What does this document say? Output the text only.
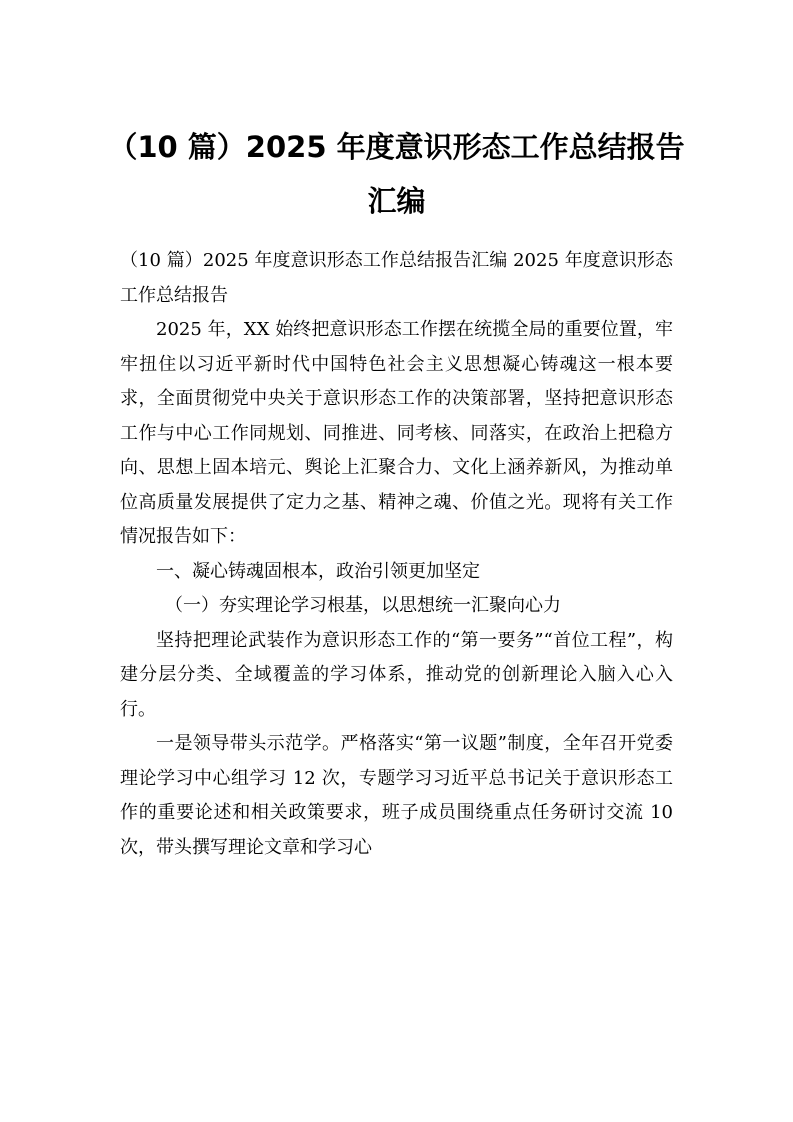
（10 篇）2025 年度意识形态工作总结报告汇编

（10 篇）2025 年度意识形态工作总结报告汇编 2025 年度意识形态工作总结报告

2025 年，XX 始终把意识形态工作摆在统揽全局的重要位置，牢牢扭住以习近平新时代中国特色社会主义思想凝心铸魂这一根本要求，全面贯彻党中央关于意识形态工作的决策部署，坚持把意识形态工作与中心工作同规划、同推进、同考核、同落实，在政治上把稳方向、思想上固本培元、舆论上汇聚合力、文化上涵养新风，为推动单位高质量发展提供了定力之基、精神之魂、价值之光。现将有关工作情况报告如下：

一、凝心铸魂固根本，政治引领更加坚定

（一）夯实理论学习根基，以思想统一汇聚向心力

坚持把理论武装作为意识形态工作的“第一要务”“首位工程”，构建分层分类、全域覆盖的学习体系，推动党的创新理论入脑入心入行。

一是领导带头示范学。严格落实“第一议题”制度，全年召开党委理论学习中心组学习 12 次，专题学习习近平总书记关于意识形态工作的重要论述和相关政策要求，班子成员围绕重点任务研讨交流 10 次，带头撰写理论文章和学习心
